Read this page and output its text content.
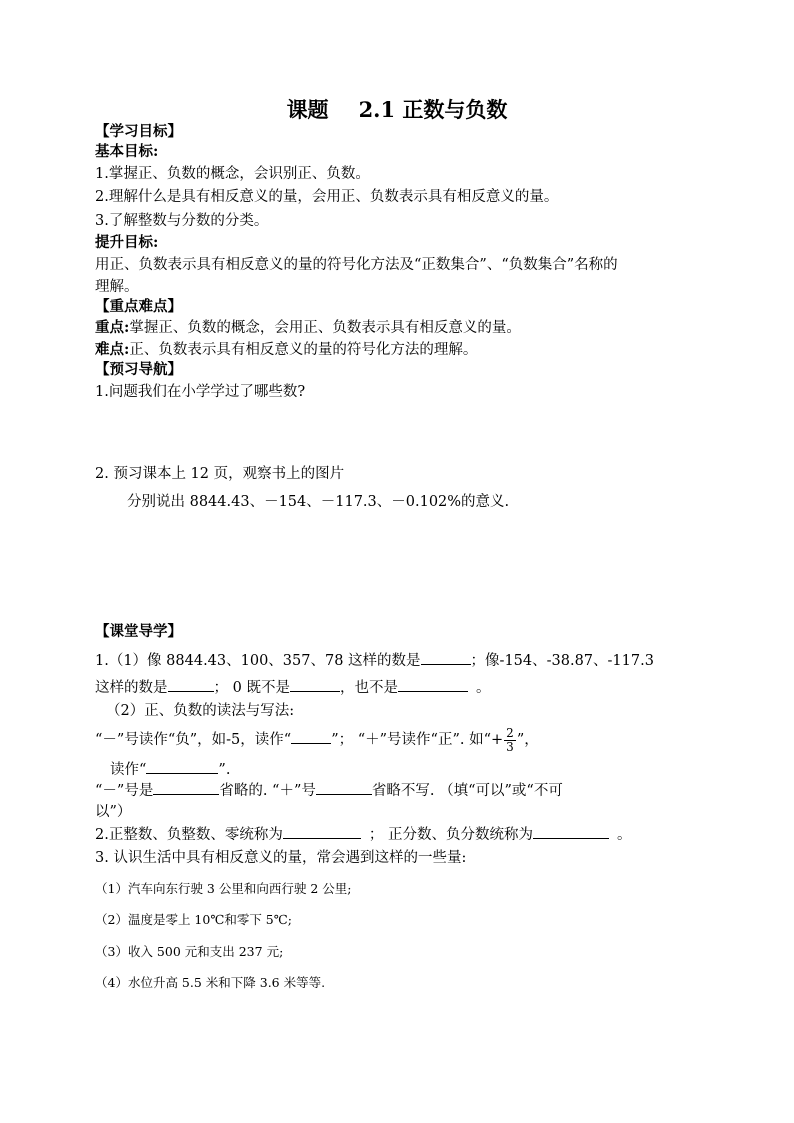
课题 2.1 正数与负数
【学习目标】
基本目标:
1.掌握正、负数的概念，会识别正、负数。
2.理解什么是具有相反意义的量，会用正、负数表示具有相反意义的量。
3.了解整数与分数的分类。
提升目标:
用正、负数表示具有相反意义的量的符号化方法及“正数集合”、“负数集合”名称的
理解。
【重点难点】
重点:掌握正、负数的概念，会用正、负数表示具有相反意义的量。
难点:正、负数表示具有相反意义的量的符号化方法的理解。
【预习导航】
1.问题我们在小学学过了哪些数?
2. 预习课本上 12 页，观察书上的图片
分别说出 8844.43、－154、－117.3、－0.102%的意义.
【课堂导学】
1.（1）像 8844.43、100、357、78 这样的数是	；像-154、-38.87、-117.3
这样的数是	； 0 既不是	，也不是	。
（2）正、负数的读法与写法:
“－”号读作“负”，如-5，读作“	”； “＋”号读作“正”. 如“+ $\frac{2}{3}$ ”，
读作“	”.
“－”号是	省略的. “＋”号	省略不写. （填“可以”或“不可
以”）
2.正整数、负整数、零统称为	； 正分数、负分数统称为	。
3. 认识生活中具有相反意义的量，常会遇到这样的一些量:
（1）汽车向东行驶 3 公里和向西行驶 2 公里;
（2）温度是零上 10℃和零下 5℃;
（3）收入 500 元和支出 237 元;
（4）水位升高 5.5 米和下降 3.6 米等等.
